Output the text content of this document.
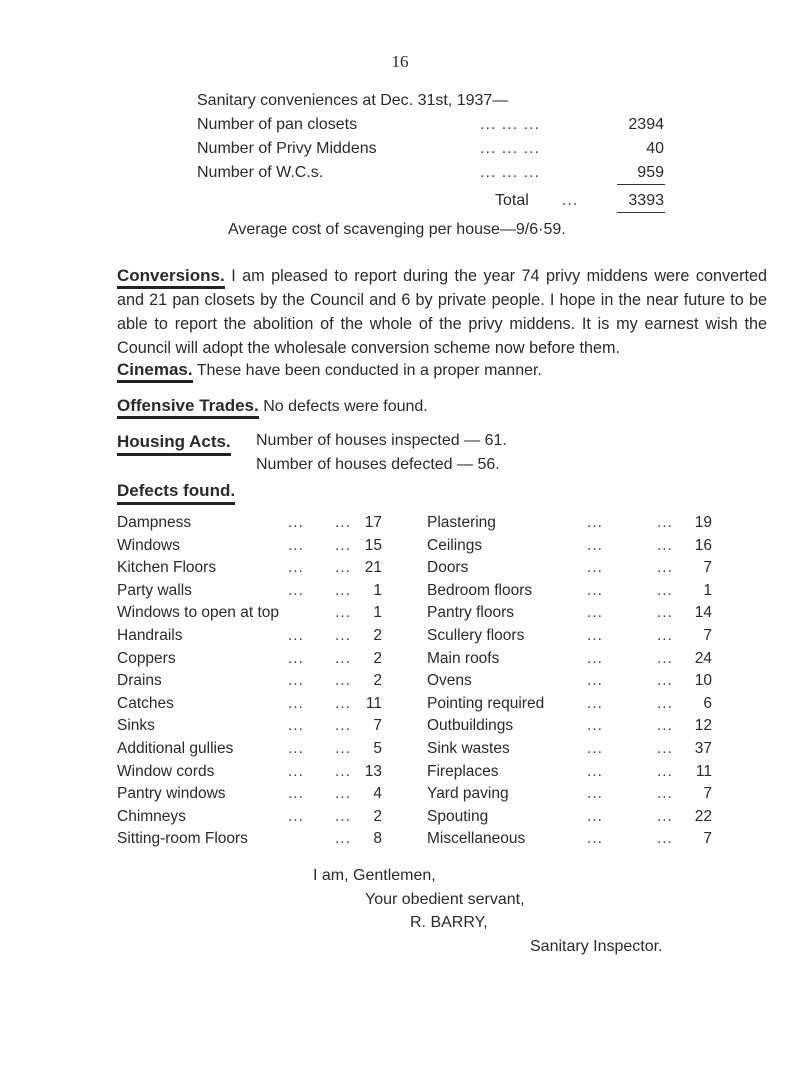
16
Sanitary conveniences at Dec. 31st, 1937—
Number of pan closets	... ... ...	2394
Number of Privy Middens	... ... ...	40
Number of W.C.s.	... ... ...	959
Total ...	3393
Average cost of scavenging per house—9/6·59.

Conversions. I am pleased to report during the year 74 privy middens were converted and 21 pan closets by the Council and 6 by private people. I hope in the near future to be able to report the abolition of the whole of the privy middens. It is my earnest wish the Council will adopt the wholesale conversion scheme now before them.

Cinemas. These have been conducted in a proper manner.
Offensive Trades. No defects were found.
Housing Acts. Number of houses inspected — 61.
Number of houses defected — 56.
Defects found.
Dampness	... ... 17	Plastering	...	...	19
Windows	... ... 15	Ceilings	...	...	16
Kitchen Floors	... ... 21	Doors	...	...	7
Party walls	... ...	1	Bedroom floors	...	...	1
Windows to open at top	...	1	Pantry floors	...	...	14
Handrails	... ...	2	Scullery floors	...	...	7
Coppers	... ...	2	Main roofs	...	...	24
Drains	... ...	2	Ovens	...	...	10
Catches	... ... 11	Pointing required	...	...	6
Sinks	... ...	7	Outbuildings	...	...	12
Additional gullies	... ...	5	Sink wastes	...	...	37
Window cords	... ... 13	Fireplaces	...	...	11
Pantry windows	... ...	4	Yard paving	...	...	7
Chimneys	... ...	2	Spouting	...	...	22
Sitting-room Floors	...	8	Miscellaneous	...	...	7
I am, Gentlemen,
Your obedient servant,
R. BARRY,
Sanitary Inspector.
